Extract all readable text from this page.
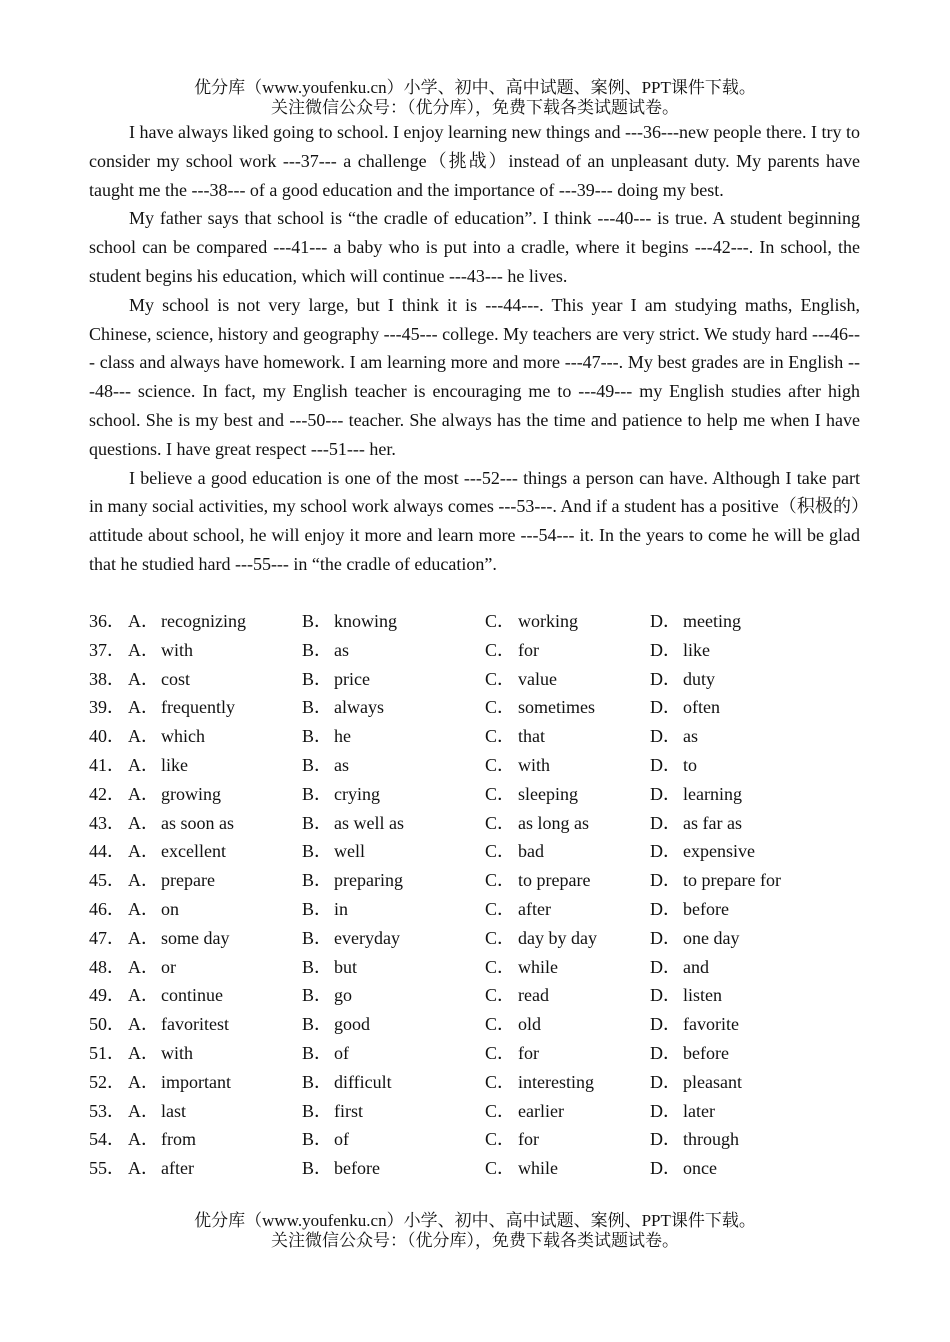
优分库（www.youfenku.cn）小学、初中、高中试题、案例、PPT课件下载。
关注微信公众号：（优分库），免费下载各类试题试卷。

I have always liked going to school. I enjoy learning new things and ---36---new people there. I try to consider my school work ---37--- a challenge（挑战）instead of an unpleasant duty. My parents have taught me the ---38--- of a good education and the importance of ---39--- doing my best.

My father says that school is “the cradle of education”. I think ---40--- is true. A student beginning school can be compared ---41--- a baby who is put into a cradle, where it begins ---42---. In school, the student begins his education, which will continue ---43--- he lives.

My school is not very large, but I think it is ---44---. This year I am studying maths, English, Chinese, science, history and geography ---45--- college. My teachers are very strict. We study hard ---46--- class and always have homework. I am learning more and more ---47---. My best grades are in English ---48--- science. In fact, my English teacher is encouraging me to ---49--- my English studies after high school. She is my best and ---50--- teacher. She always has the time and patience to help me when I have questions. I have great respect ---51--- her.

I believe a good education is one of the most ---52--- things a person can have. Although I take part in many social activities, my school work always comes ---53---. And if a student has a positive（积极的）attitude about school, he will enjoy it more and learn more ---54--- it. In the years to come he will be glad that he studied hard ---55--- in “the cradle of education”.

36． A． recognizing	B． knowing	C． working	D． meeting
37． A． with	B． as	C． for	D． like
38． A． cost	B． price	C． value	D． duty
39． A． frequently	B． always	C． sometimes	D． often
40． A． which	B． he	C． that	D． as
41． A． like	B． as	C． with	D． to
42． A． growing	B． crying	C． sleeping	D． learning
43． A． as soon as	B． as well as	C． as long as	D． as far as
44． A． excellent	B． well	C． bad	D． expensive
45． A． prepare	B． preparing	C． to prepare	D． to prepare for
46． A． on	B． in	C． after	D． before
47． A． some day	B． everyday	C． day by day	D． one day
48． A． or	B． but	C． while	D． and
49． A． continue	B． go	C． read	D． listen
50． A． favoritest	B． good	C． old	D． favorite
51． A． with	B． of	C． for	D． before
52． A． important	B． difficult	C． interesting	D． pleasant
53． A． last	B． first	C． earlier	D． later
54． A． from	B． of	C． for	D． through
55． A． after	B． before	C． while	D． once
优分库（www.youfenku.cn）小学、初中、高中试题、案例、PPT课件下载。
关注微信公众号：（优分库），免费下载各类试题试卷。
